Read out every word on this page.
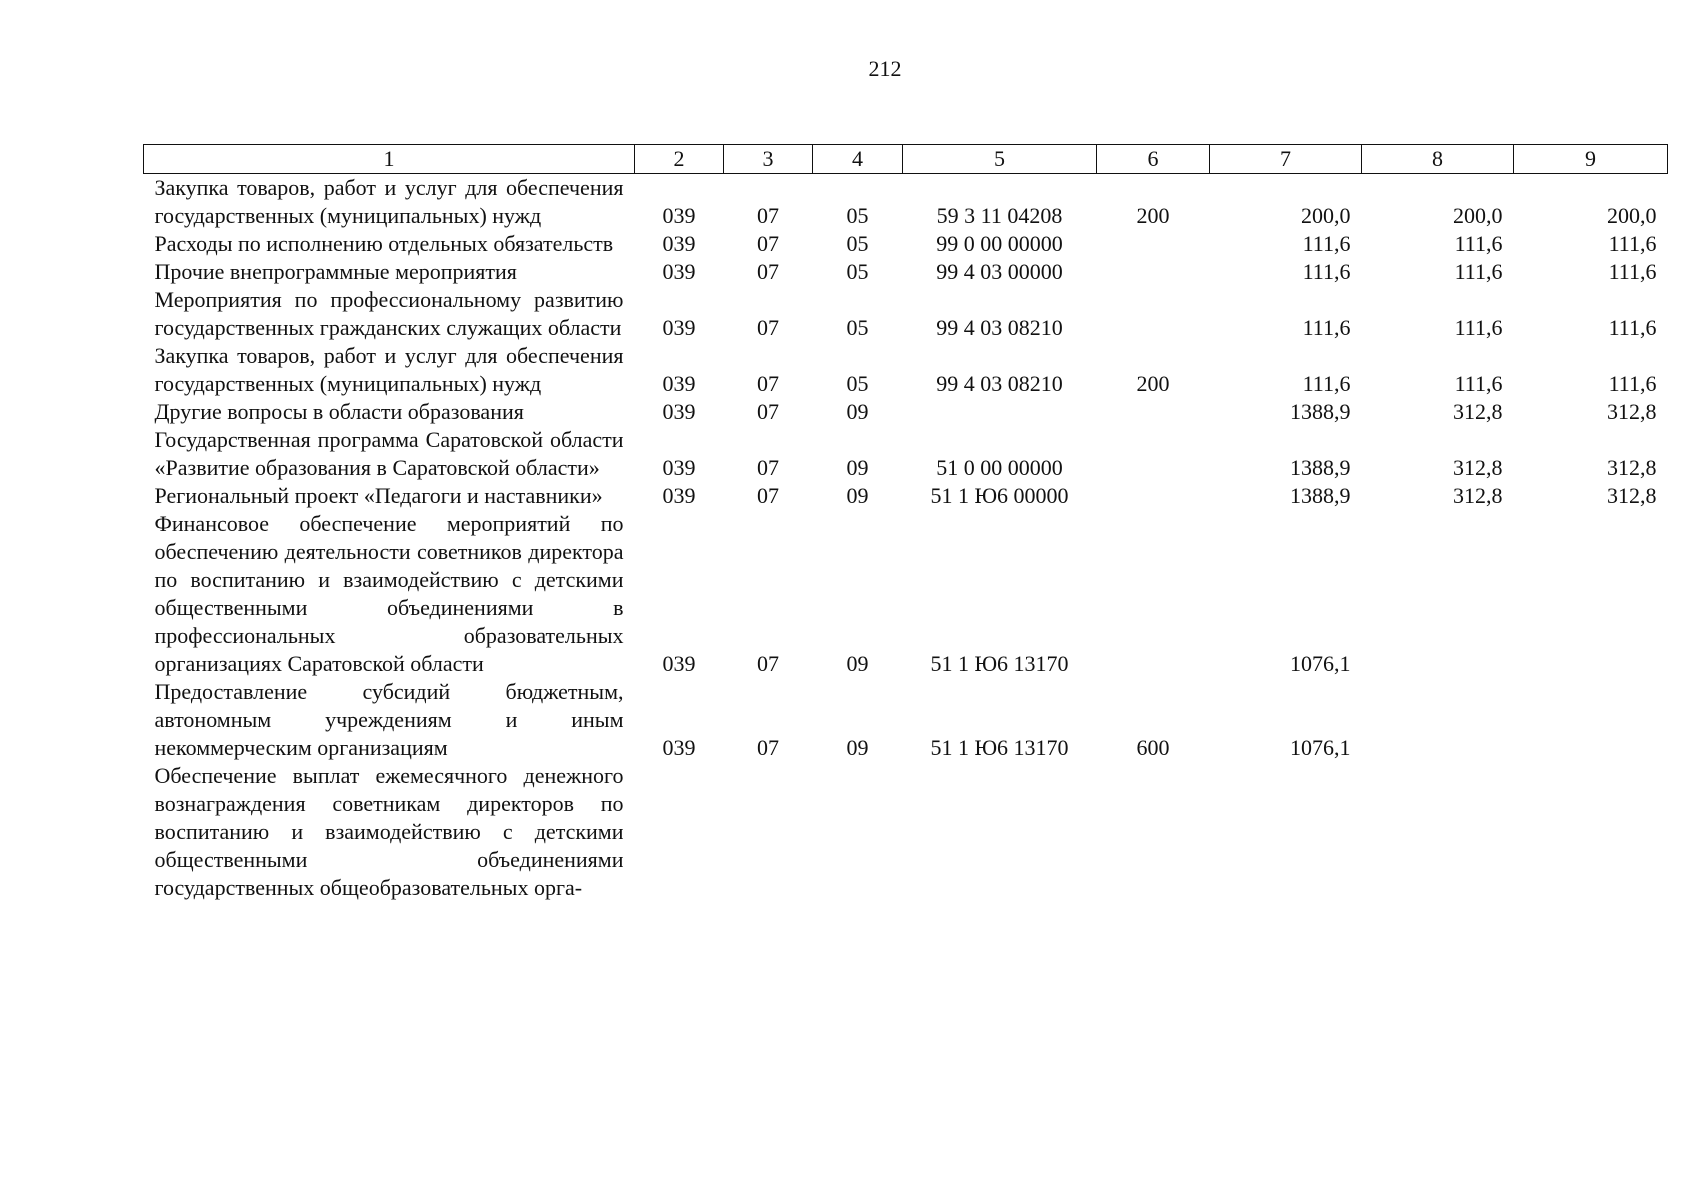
212
1	2	3	4	5	6	7	8	9
Закупка товаров, работ и услуг для обеспечения государственных (муниципальных) нужд	039	07	05	59 3 11 04208	200	200,0	200,0	200,0
Расходы по исполнению отдельных обязательств	039	07	05	99 0 00 00000		111,6	111,6	111,6
Прочие внепрограммные мероприятия	039	07	05	99 4 03 00000		111,6	111,6	111,6
Мероприятия по профессиональному развитию государственных гражданских служащих области	039	07	05	99 4 03 08210		111,6	111,6	111,6
Закупка товаров, работ и услуг для обеспечения государственных (муниципальных) нужд	039	07	05	99 4 03 08210	200	111,6	111,6	111,6
Другие вопросы в области образования	039	07	09			1388,9	312,8	312,8
Государственная программа Саратовской области «Развитие образования в Саратовской области»	039	07	09	51 0 00 00000		1388,9	312,8	312,8
Региональный проект «Педагоги и наставники»	039	07	09	51 1 Ю6 00000		1388,9	312,8	312,8
Финансовое обеспечение мероприятий по обеспечению деятельности советников директора по воспитанию и взаимодействию с детскими общественными объединениями в профессиональных образовательных организациях Саратовской области	039	07	09	51 1 Ю6 13170		1076,1		
Предоставление субсидий бюджетным, автономным учреждениям и иным некоммерческим организациям	039	07	09	51 1 Ю6 13170	600	1076,1		
Обеспечение выплат ежемесячного денежного вознаграждения советникам директоров по воспитанию и взаимодействию с детскими общественными объединениями государственных общеобразовательных орга-								
